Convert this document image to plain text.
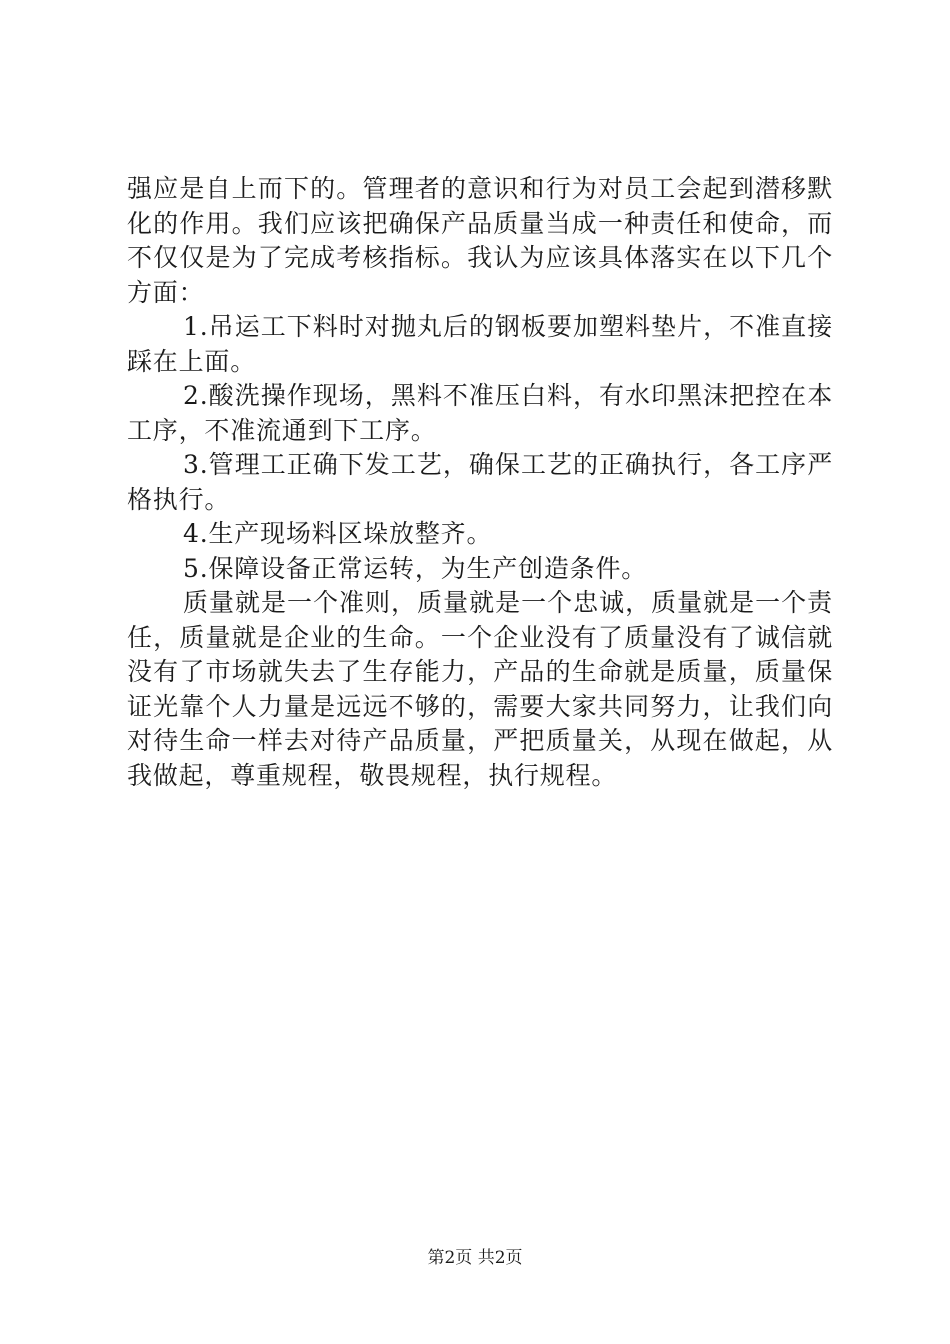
强应是自上而下的。管理者的意识和行为对员工会起到潜移默化的作用。我们应该把确保产品质量当成一种责任和使命，而不仅仅是为了完成考核指标。我认为应该具体落实在以下几个方面：

1.吊运工下料时对抛丸后的钢板要加塑料垫片，不准直接踩在上面。

2.酸洗操作现场，黑料不准压白料，有水印黑沫把控在本工序，不准流通到下工序。

3.管理工正确下发工艺，确保工艺的正确执行，各工序严格执行。

4.生产现场料区垛放整齐。

5.保障设备正常运转，为生产创造条件。

质量就是一个准则，质量就是一个忠诚，质量就是一个责任，质量就是企业的生命。一个企业没有了质量没有了诚信就没有了市场就失去了生存能力，产品的生命就是质量，质量保证光靠个人力量是远远不够的，需要大家共同努力，让我们向对待生命一样去对待产品质量，严把质量关，从现在做起，从我做起，尊重规程，敬畏规程，执行规程。

第2页 共2页
